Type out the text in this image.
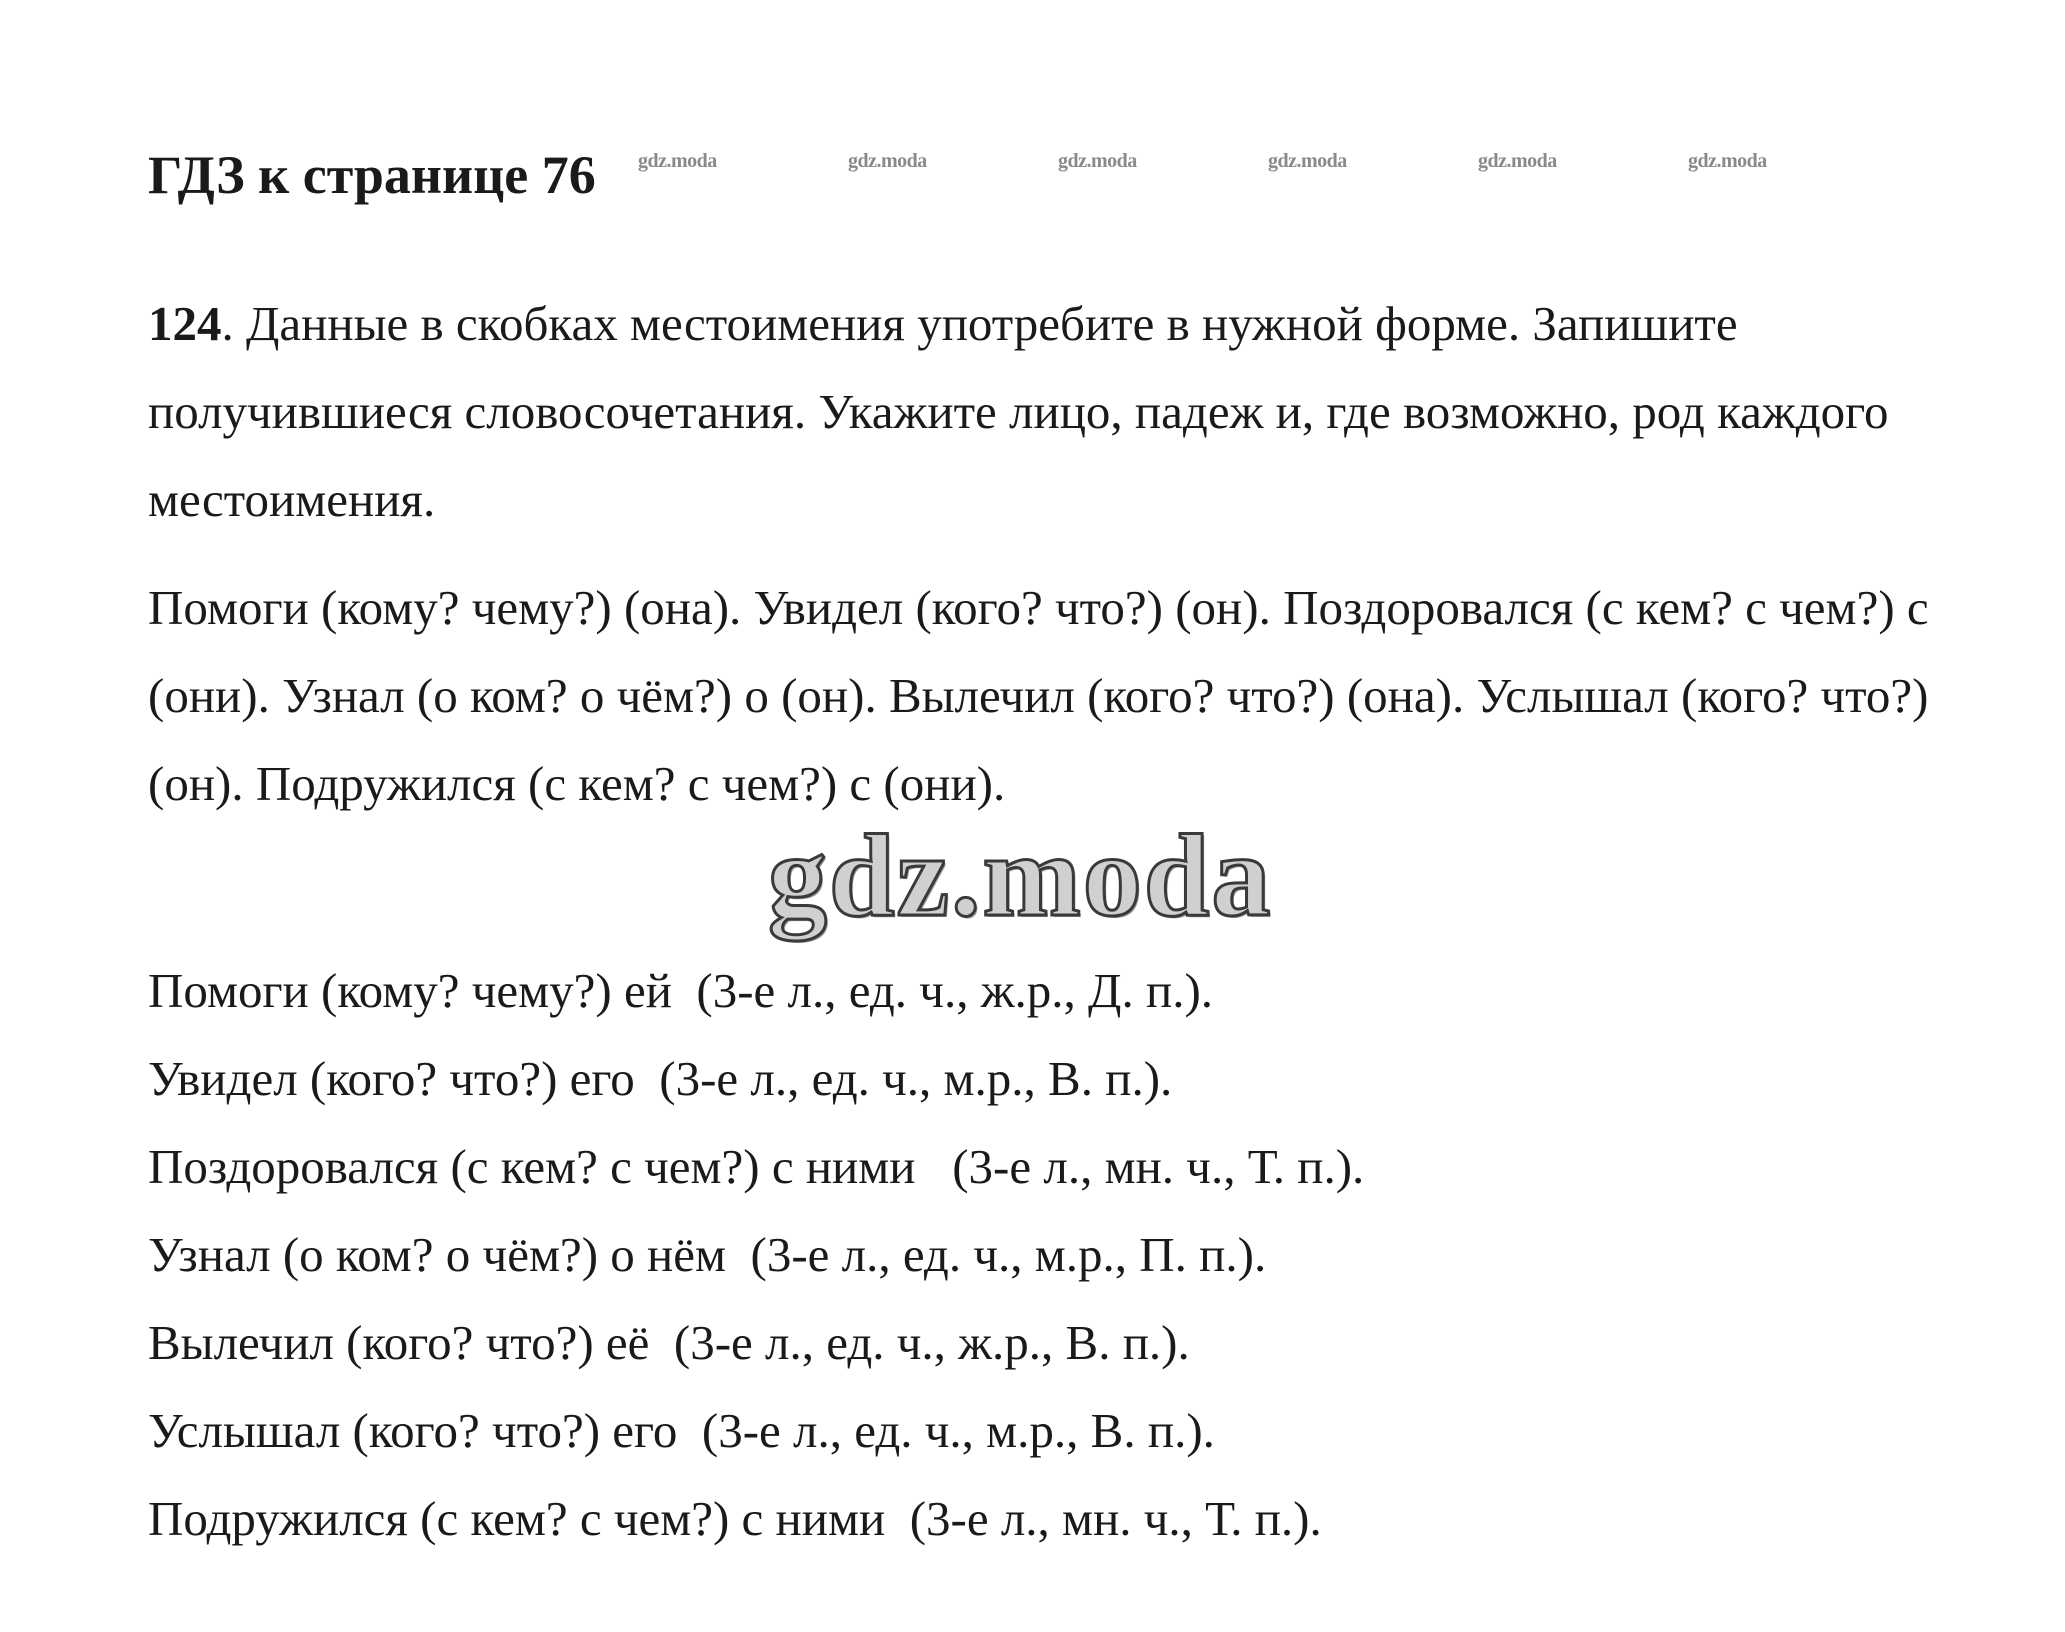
ГДЗ к странице 76 gdz.moda	gdz.moda	gdz.moda	gdz.moda	gdz.moda	gdz.moda

124. Данные в скобках местоимения употребите в нужной форме. Запишите получившиеся словосочетания. Укажите лицо, падеж и, где возможно, род каждого местоимения.

Помоги (кому? чему?) (она). Увидел (кого? что?) (он). Поздоровался (с кем? с чем?) с (они). Узнал (о ком? о чём?) о (он). Вылечил (кого? что?) (она). Услышал (кого? что?) (он). Подружился (с кем? с чем?) с (они).

gdz.moda
Помоги (кому? чему?) ей  (3-е л., ед. ч., ж.р., Д. п.).
Увидел (кого? что?) его  (3-е л., ед. ч., м.р., В. п.).
Поздоровался (с кем? с чем?) с ними   (3-е л., мн. ч., Т. п.).
Узнал (о ком? о чём?) о нём  (3-е л., ед. ч., м.р., П. п.).
Вылечил (кого? что?) её  (3-е л., ед. ч., ж.р., В. п.).
Услышал (кого? что?) его  (3-е л., ед. ч., м.р., В. п.).
Подружился (с кем? с чем?) с ними  (3-е л., мн. ч., Т. п.).
